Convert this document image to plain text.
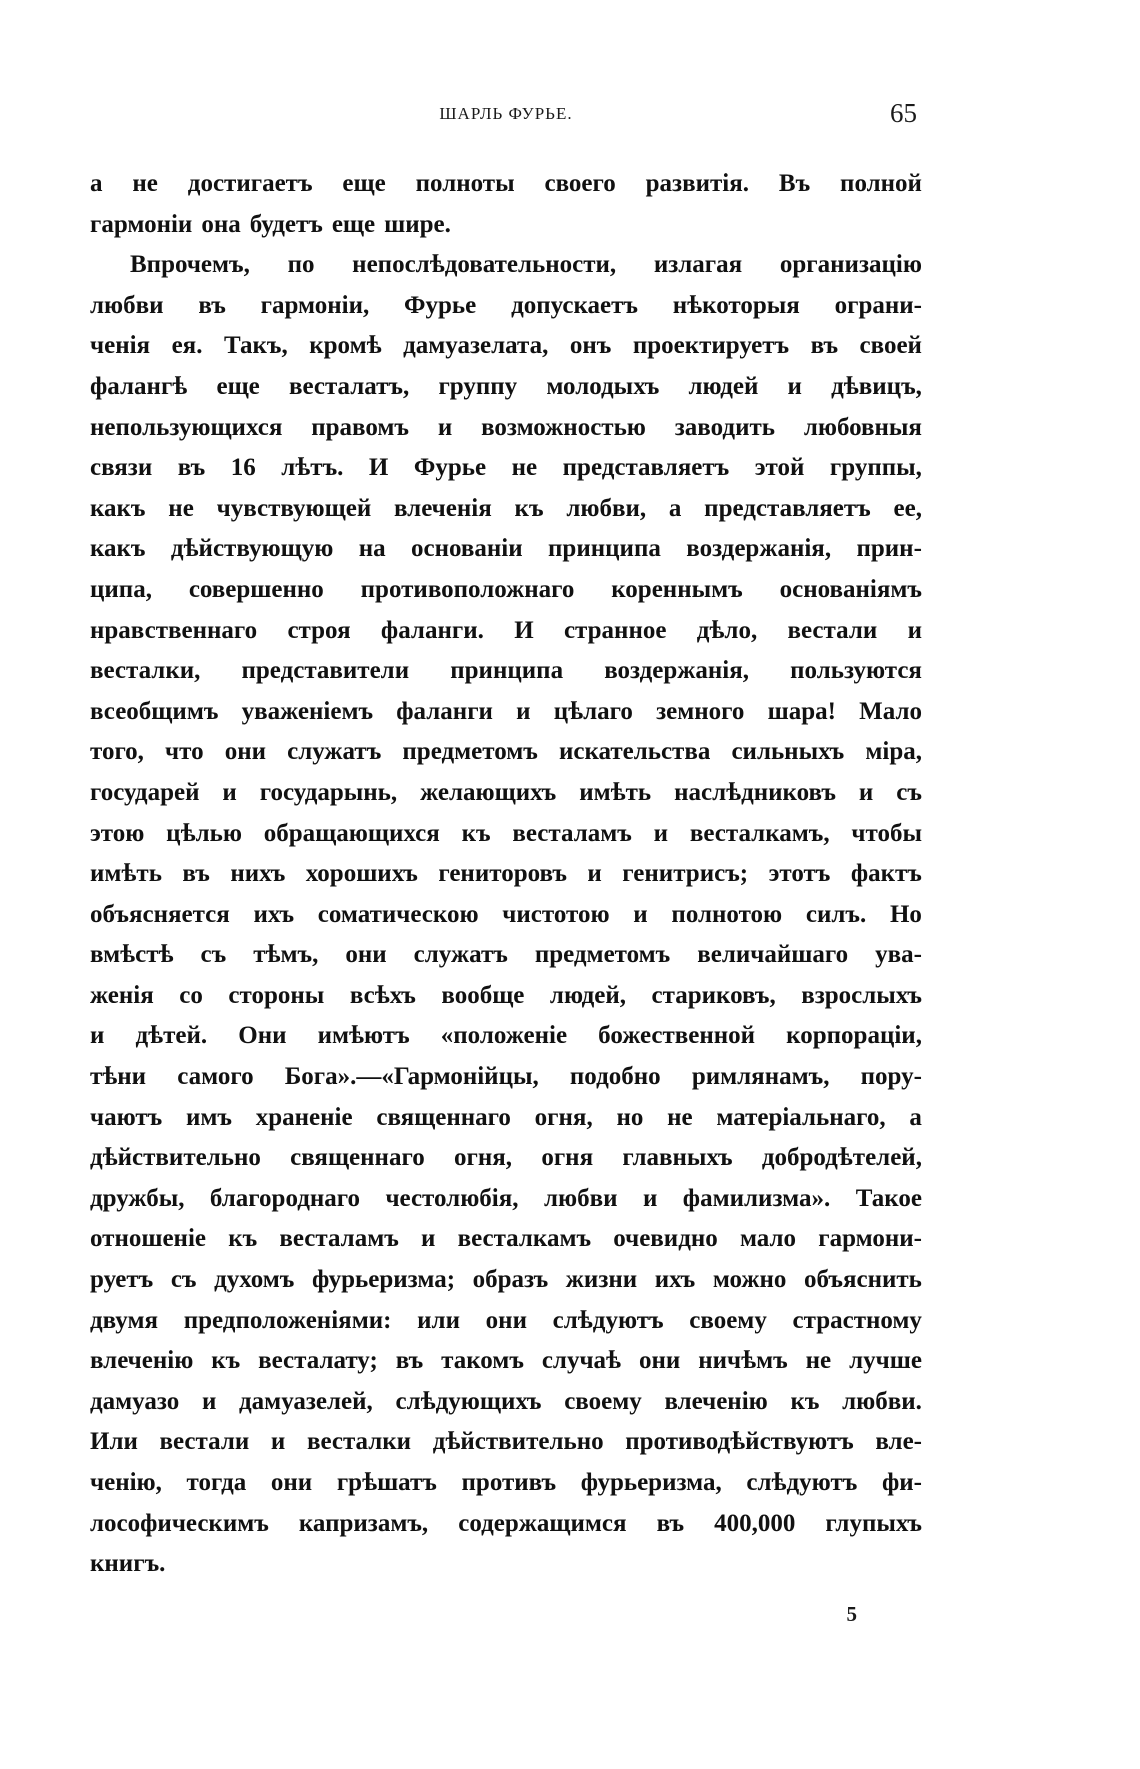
ШАРЛЬ ФУРЬЕ.	65
а не достигаетъ еще полноты своего развитія. Въ полной
гармоніи она будетъ еще шире.
Впрочемъ, по непослѣдовательности, излагая организацію
любви въ гармоніи, Фурье допускаетъ нѣкоторыя ограни-
ченія ея. Такъ, кромѣ дамуазелата, онъ проектируетъ въ своей
фалангѣ еще весталатъ, группу молодыхъ людей и дѣвицъ,
непользующихся правомъ и возможностью заводить любовныя
связи въ 16 лѣтъ. И Фурье не представляетъ этой группы,
какъ не чувствующей влеченія къ любви, а представляетъ ее,
какъ дѣйствующую на основаніи принципа воздержанія, прин-
ципа, совершенно противоположнаго кореннымъ основаніямъ
нравственнаго строя фаланги. И странное дѣло, вестали и
весталки, представители принципа воздержанія, пользуются
всеобщимъ уваженіемъ фаланги и цѣлаго земного шара! Мало
того, что они служатъ предметомъ искательства сильныхъ міра,
государей и государынь, желающихъ имѣть наслѣдниковъ и съ
этою цѣлью обращающихся къ весталамъ и весталкамъ, чтобы
имѣть въ нихъ хорошихъ гениторовъ и генитрисъ; этотъ фактъ
объясняется ихъ соматическою чистотою и полнотою силъ. Но
вмѣстѣ съ тѣмъ, они служатъ предметомъ величайшаго ува-
женія со стороны всѣхъ вообще людей, стариковъ, взрослыхъ
и дѣтей. Они имѣютъ «положеніе божественной корпораціи,
тѣни самого Бога».—«Гармонійцы, подобно римлянамъ, пору-
чаютъ имъ храненіе священнаго огня, но не матеріальнаго, а
дѣйствительно священнаго огня, огня главныхъ добродѣтелей,
дружбы, благороднаго честолюбія, любви и фамилизма». Такое
отношеніе къ весталамъ и весталкамъ очевидно мало гармони-
руетъ съ духомъ фурьеризма; образъ жизни ихъ можно объяснить
двумя предположеніями: или они слѣдуютъ своему страстному
влеченію къ весталату; въ такомъ случаѣ они ничѣмъ не лучше
дамуазо и дамуазелей, слѣдующихъ своему влеченію къ любви.
Или вестали и весталки дѣйствительно противодѣйствуютъ вле-
ченію, тогда они грѣшатъ противъ фурьеризма, слѣдуютъ фи-
лософическимъ капризамъ, содержащимся въ 400,000 глупыхъ
книгъ.
5
